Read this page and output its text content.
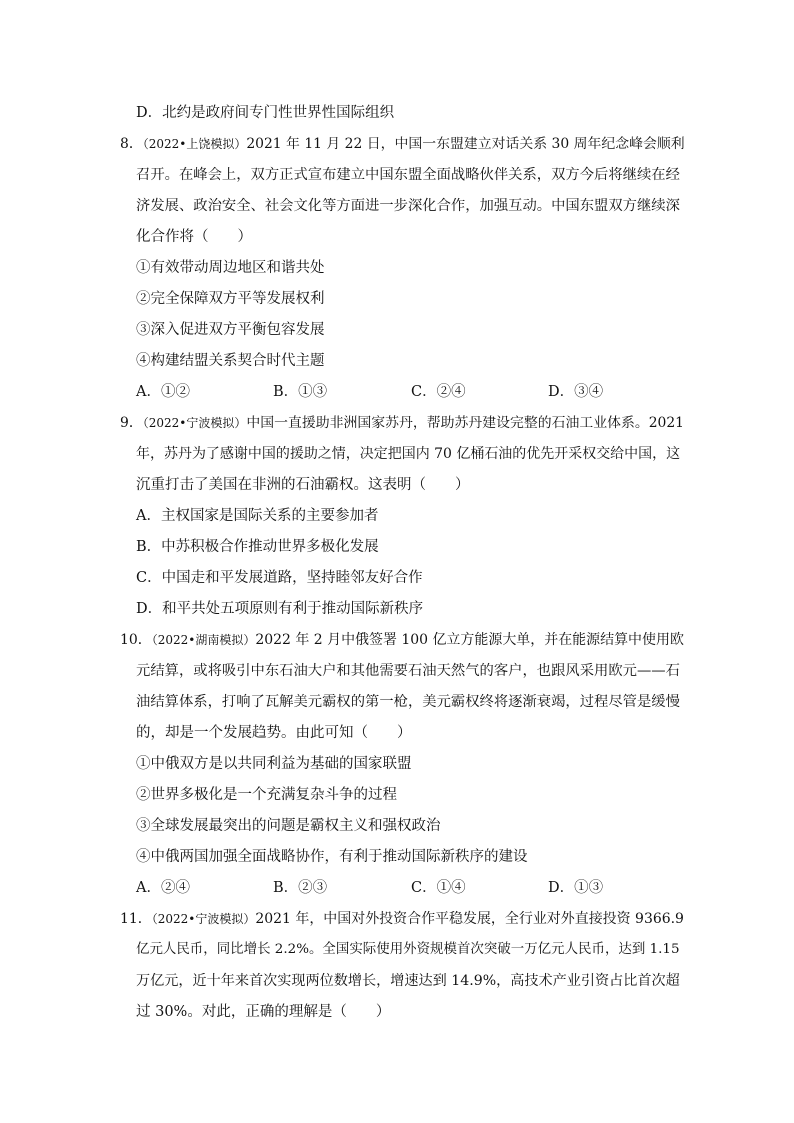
D．北约是政府间专门性世界性国际组织
8．（2022•上饶模拟）2021 年 11 月 22 日，中国一东盟建立对话关系 30 周年纪念峰会顺利
召开。在峰会上，双方正式宣布建立中国东盟全面战略伙伴关系，双方今后将继续在经
济发展、政治安全、社会文化等方面进一步深化合作，加强互动。中国东盟双方继续深
化合作将（　　）
①有效带动周边地区和谐共处
②完全保障双方平等发展权利
③深入促进双方平衡包容发展
④构建结盟关系契合时代主题
A．①②	B．①③	C．②④	D．③④
9．（2022•宁波模拟）中国一直援助非洲国家苏丹，帮助苏丹建设完整的石油工业体系。2021
年，苏丹为了感谢中国的援助之情，决定把国内 70 亿桶石油的优先开采权交给中国，这
沉重打击了美国在非洲的石油霸权。这表明（　　）
A．主权国家是国际关系的主要参加者
B．中苏积极合作推动世界多极化发展
C．中国走和平发展道路，坚持睦邻友好合作
D．和平共处五项原则有利于推动国际新秩序
10．（2022•湖南模拟）2022 年 2 月中俄签署 100 亿立方能源大单，并在能源结算中使用欧
元结算，或将吸引中东石油大户和其他需要石油天然气的客户，也跟风采用欧元——石
油结算体系，打响了瓦解美元霸权的第一枪，美元霸权终将逐渐衰竭，过程尽管是缓慢
的，却是一个发展趋势。由此可知（　　）
①中俄双方是以共同利益为基础的国家联盟
②世界多极化是一个充满复杂斗争的过程
③全球发展最突出的问题是霸权主义和强权政治
④中俄两国加强全面战略协作，有利于推动国际新秩序的建设
A．②④	B．②③	C．①④	D．①③
11．（2022•宁波模拟）2021 年，中国对外投资合作平稳发展，全行业对外直接投资 9366.9
亿元人民币，同比增长 2.2%。全国实际使用外资规模首次突破一万亿元人民币，达到 1.15
万亿元，近十年来首次实现两位数增长，增速达到 14.9%，高技术产业引资占比首次超
过 30%。对此，正确的理解是（　　）
